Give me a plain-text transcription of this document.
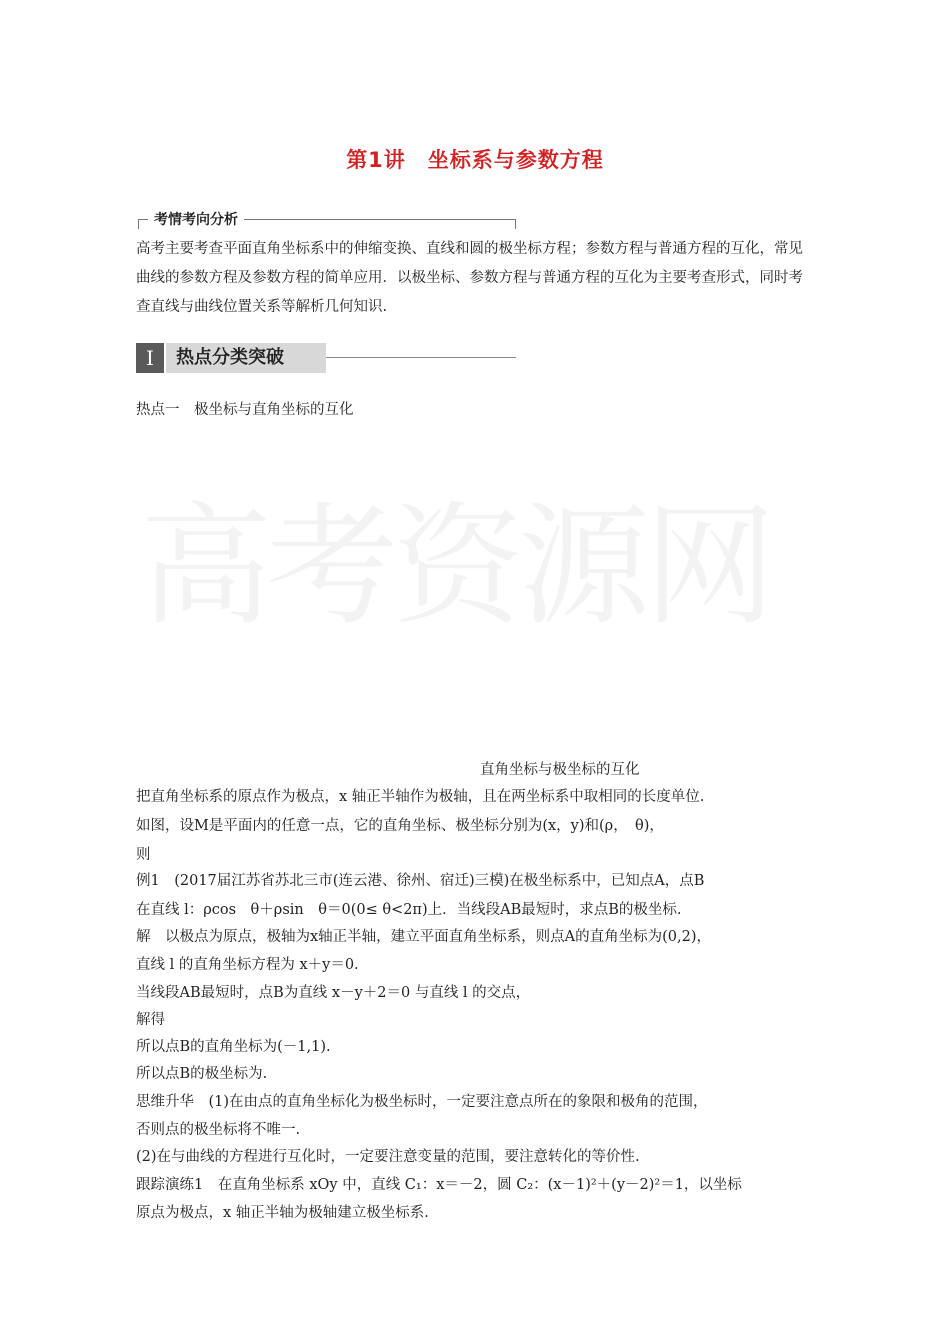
第1讲　坐标系与参数方程
考情考向分析
高考主要考查平面直角坐标系中的伸缩变换、直线和圆的极坐标方程；参数方程与普通方程的互化，常见曲线的参数方程及参数方程的简单应用．以极坐标、参数方程与普通方程的互化为主要考查形式，同时考查直线与曲线位置关系等解析几何知识.
Ⅰ	热点分类突破
热点一　极坐标与直角坐标的互化
高考资源网
直角坐标与极坐标的互化
把直角坐标系的原点作为极点，x 轴正半轴作为极轴，且在两坐标系中取相同的长度单位.
如图，设M是平面内的任意一点，它的直角坐标、极坐标分别为(x，y)和(ρ，　θ)，
则
例1　(2017届江苏省苏北三市(连云港、徐州、宿迁)三模)在极坐标系中，已知点A，点B
在直线 l：ρcos　θ＋ρsin　θ＝0(0≤ θ<2π)上．当线段AB最短时，求点B的极坐标.
解　以极点为原点，极轴为x轴正半轴，建立平面直角坐标系，则点A的直角坐标为(0,2)，
直线 l 的直角坐标方程为 x＋y＝0.
当线段AB最短时，点B为直线 x－y＋2＝0 与直线 l 的交点，
解得
所以点B的直角坐标为(－1,1).
所以点B的极坐标为.
思维升华　(1)在由点的直角坐标化为极坐标时，一定要注意点所在的象限和极角的范围，
否则点的极坐标将不唯一.
(2)在与曲线的方程进行互化时，一定要注意变量的范围，要注意转化的等价性.
跟踪演练1　在直角坐标系 xOy 中，直线 C₁：x＝－2，圆 C₂：(x－1)²＋(y－2)²＝1，以坐标
原点为极点，x 轴正半轴为极轴建立极坐标系.
